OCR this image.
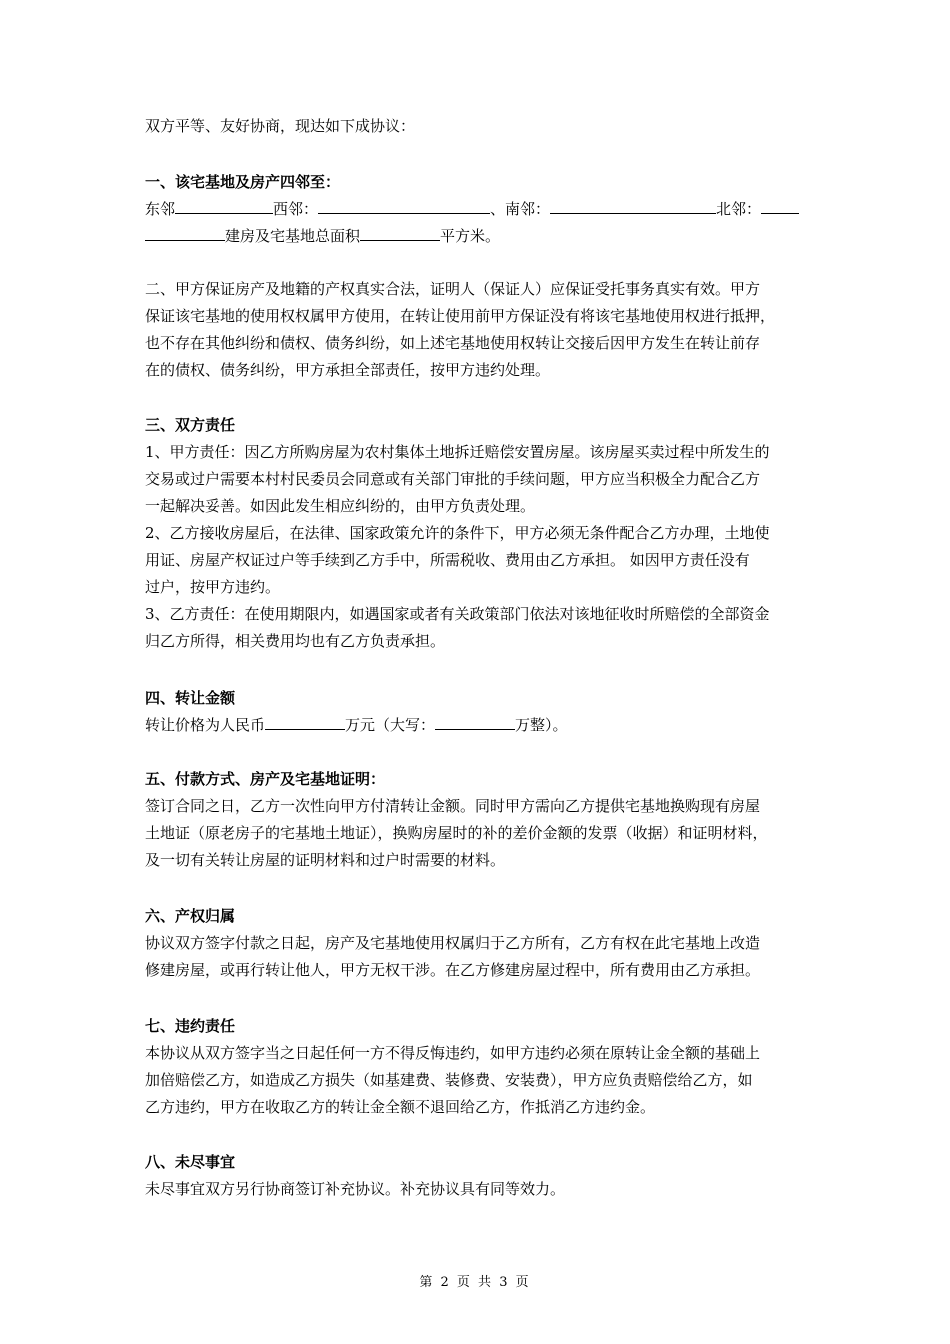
双方平等、友好协商，现达如下成协议：
一、该宅基地及房产四邻至：
东邻	西邻：	、南邻：	北邻：
建房及宅基地总面积	平方米。
二、甲方保证房产及地籍的产权真实合法，证明人（保证人）应保证受托事务真实有效。甲方
保证该宅基地的使用权权属甲方使用，在转让使用前甲方保证没有将该宅基地使用权进行抵押，
也不存在其他纠纷和债权、债务纠纷，如上述宅基地使用权转让交接后因甲方发生在转让前存
在的债权、债务纠纷，甲方承担全部责任，按甲方违约处理。
三、双方责任
1、甲方责任：因乙方所购房屋为农村集体土地拆迁赔偿安置房屋。该房屋买卖过程中所发生的
交易或过户需要本村村民委员会同意或有关部门审批的手续问题，甲方应当积极全力配合乙方
一起解决妥善。如因此发生相应纠纷的，由甲方负责处理。
2、乙方接收房屋后，在法律、国家政策允许的条件下，甲方必须无条件配合乙方办理，土地使
用证、房屋产权证过户等手续到乙方手中，所需税收、费用由乙方承担。 如因甲方责任没有
过户，按甲方违约。
3、乙方责任：在使用期限内，如遇国家或者有关政策部门依法对该地征收时所赔偿的全部资金
归乙方所得，相关费用均也有乙方负责承担。
四、转让金额
转让价格为人民币	万元（大写：	万整）。
五、付款方式、房产及宅基地证明：
签订合同之日，乙方一次性向甲方付清转让金额。同时甲方需向乙方提供宅基地换购现有房屋
土地证（原老房子的宅基地土地证），换购房屋时的补的差价金额的发票（收据）和证明材料，
及一切有关转让房屋的证明材料和过户时需要的材料。
六、产权归属
协议双方签字付款之日起，房产及宅基地使用权属归于乙方所有，乙方有权在此宅基地上改造
修建房屋，或再行转让他人，甲方无权干涉。在乙方修建房屋过程中，所有费用由乙方承担。
七、违约责任
本协议从双方签字当之日起任何一方不得反悔违约，如甲方违约必须在原转让金全额的基础上
加倍赔偿乙方，如造成乙方损失（如基建费、装修费、安装费），甲方应负责赔偿给乙方，如
乙方违约，甲方在收取乙方的转让金全额不退回给乙方，作抵消乙方违约金。
八、未尽事宜
未尽事宜双方另行协商签订补充协议。补充协议具有同等效力。
第 2 页 共 3 页
